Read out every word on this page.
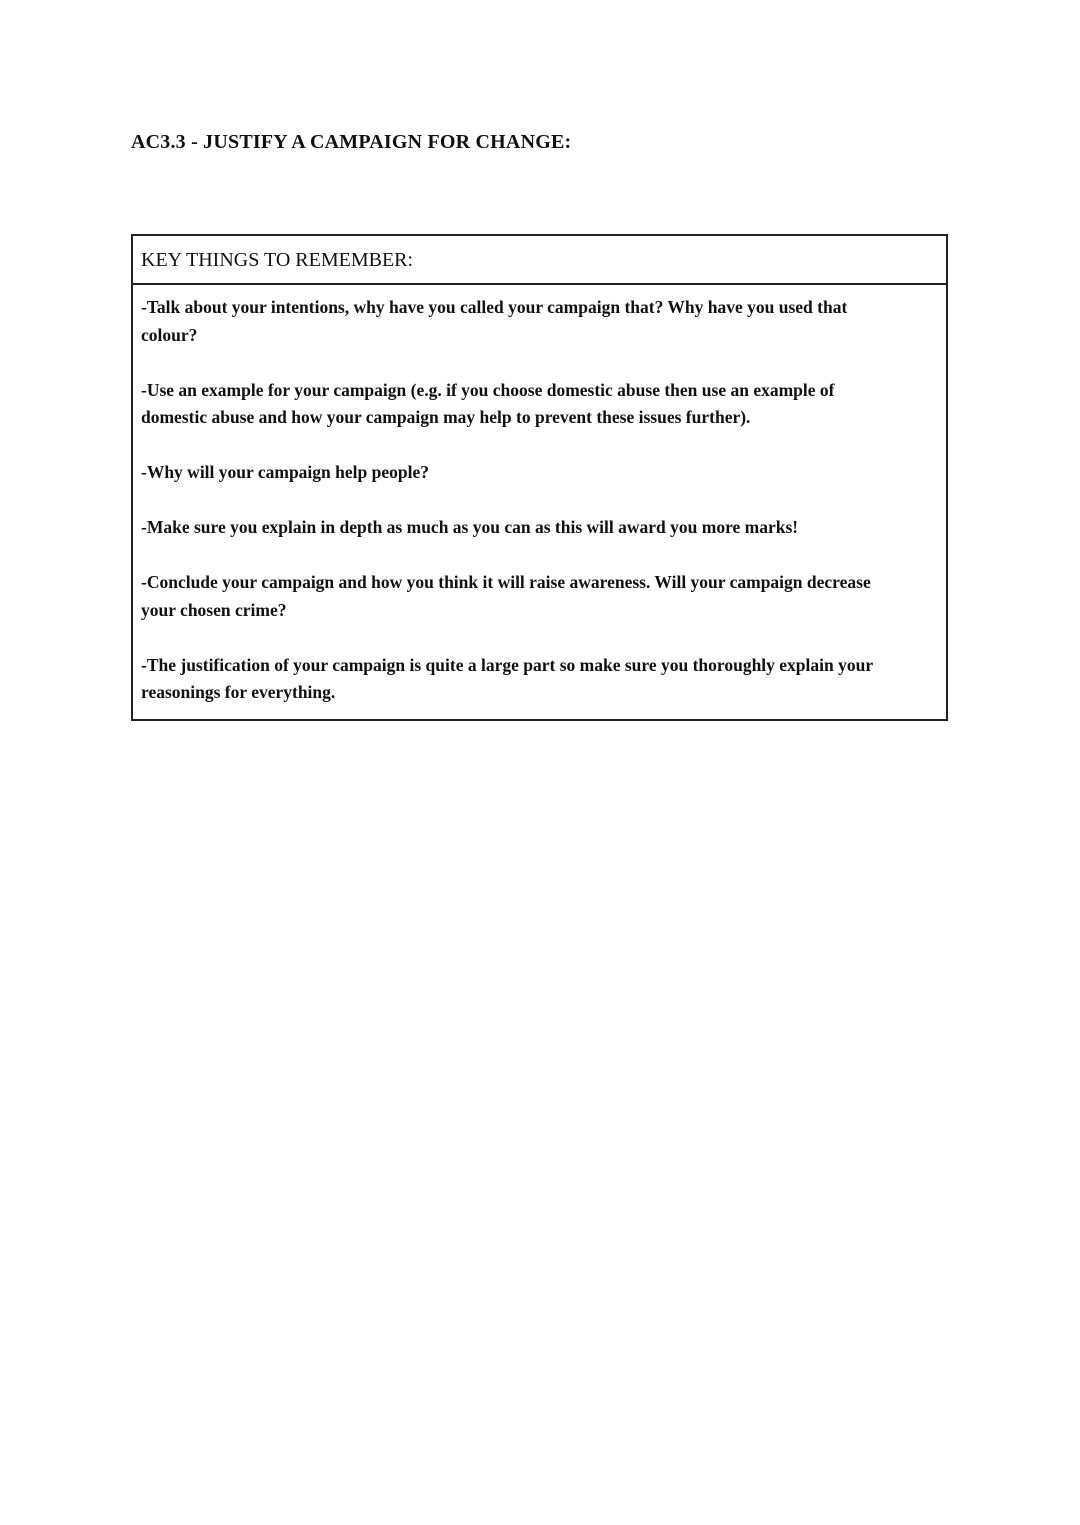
AC3.3 - JUSTIFY A CAMPAIGN FOR CHANGE:
KEY THINGS TO REMEMBER:
-Talk about your intentions, why have you called your campaign that? Why have you used that
colour?
-Use an example for your campaign (e.g. if you choose domestic abuse then use an example of
domestic abuse and how your campaign may help to prevent these issues further).
-Why will your campaign help people?
-Make sure you explain in depth as much as you can as this will award you more marks!
-Conclude your campaign and how you think it will raise awareness. Will your campaign decrease
your chosen crime?
-The justification of your campaign is quite a large part so make sure you thoroughly explain your
reasonings for everything.
